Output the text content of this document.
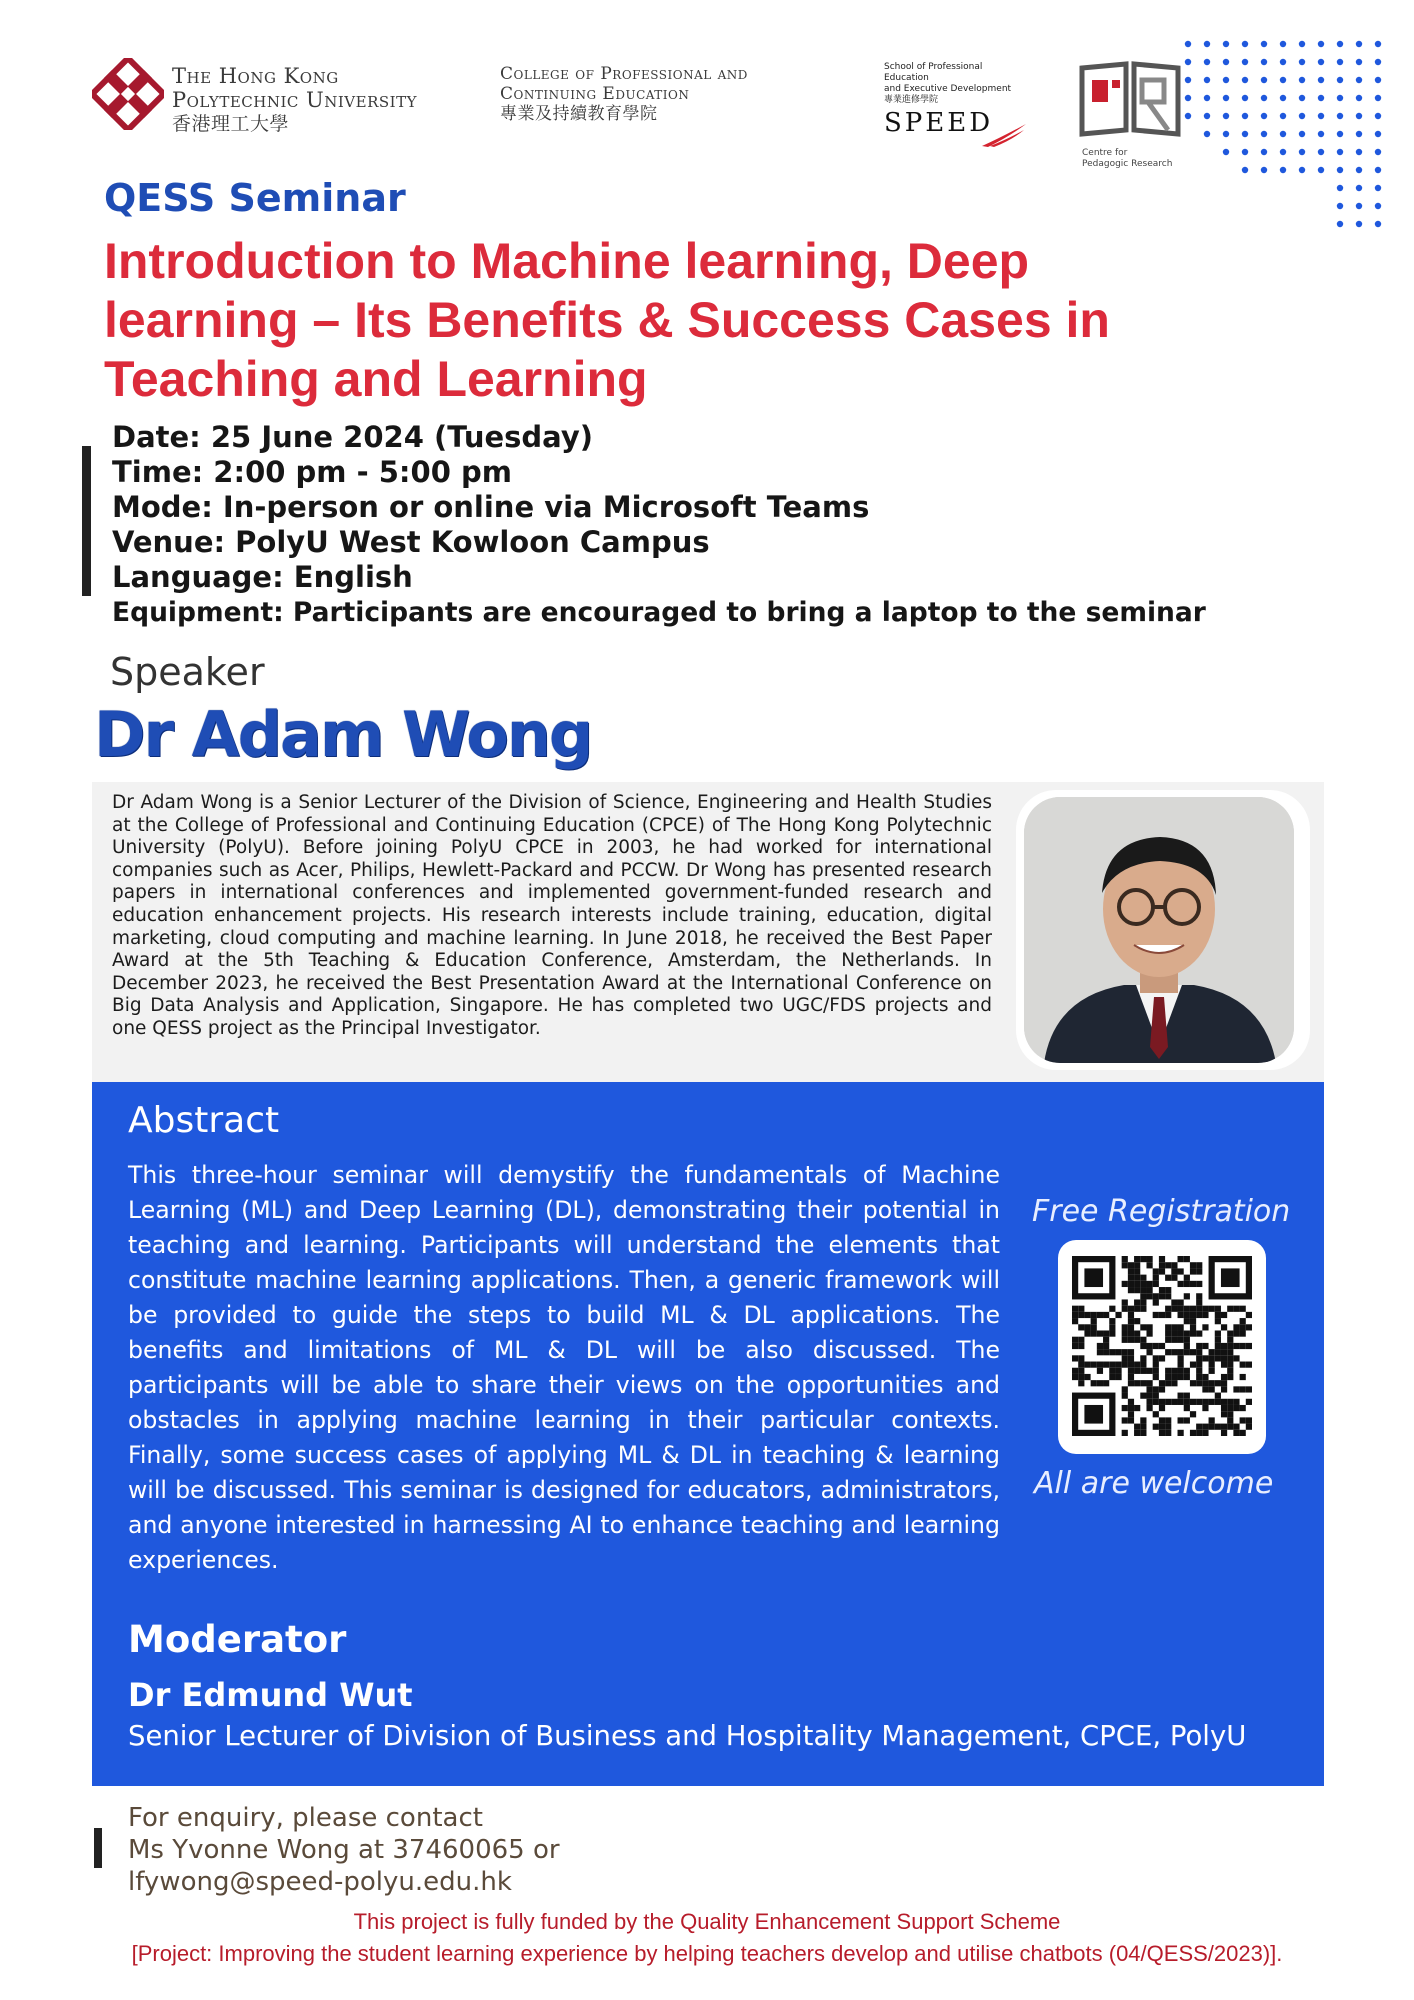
The Hong Kong
Polytechnic University
香港理工大學
College of Professional and
Continuing Education
專業及持續教育學院
School of Professional Education
and Executive Development
專業進修學院
SPEED
Centre for
Pedagogic Research
QESS Seminar
Introduction to Machine learning, Deep learning – Its Benefits & Success Cases in Teaching and Learning
Date: 25 June 2024 (Tuesday)
Time: 2:00 pm - 5:00 pm
Mode: In-person or online via Microsoft Teams
Venue: PolyU West Kowloon Campus
Language: English
Equipment: Participants are encouraged to bring a laptop to the seminar
Speaker
Dr Adam Wong
Dr Adam Wong is a Senior Lecturer of the Division of Science, Engineering and Health Studies at the College of Professional and Continuing Education (CPCE) of The Hong Kong Polytechnic University (PolyU). Before joining PolyU CPCE in 2003, he had worked for international companies such as Acer, Philips, Hewlett-Packard and PCCW. Dr Wong has presented research papers in international conferences and implemented government-funded research and education enhancement projects. His research interests include training, education, digital marketing, cloud computing and machine learning. In June 2018, he received the Best Paper Award at the 5th Teaching & Education Conference, Amsterdam, the Netherlands. In December 2023, he received the Best Presentation Award at the International Conference on Big Data Analysis and Application, Singapore. He has completed two UGC/FDS projects and one QESS project as the Principal Investigator.
Abstract
This three-hour seminar will demystify the fundamentals of Machine Learning (ML) and Deep Learning (DL), demonstrating their potential in teaching and learning. Participants will understand the elements that constitute machine learning applications. Then, a generic framework will be provided to guide the steps to build ML & DL applications. The benefits and limitations of ML & DL will be also discussed. The participants will be able to share their views on the opportunities and obstacles in applying machine learning in their particular contexts. Finally, some success cases of applying ML & DL in teaching & learning will be discussed. This seminar is designed for educators, administrators, and anyone interested in harnessing AI to enhance teaching and learning experiences.
Free Registration
All are welcome
Moderator
Dr Edmund Wut
Senior Lecturer of Division of Business and Hospitality Management, CPCE, PolyU
For enquiry, please contact
Ms Yvonne Wong at 37460065 or
lfywong@speed-polyu.edu.hk
This project is fully funded by the Quality Enhancement Support Scheme
[Project: Improving the student learning experience by helping teachers develop and utilise chatbots (04/QESS/2023)].
